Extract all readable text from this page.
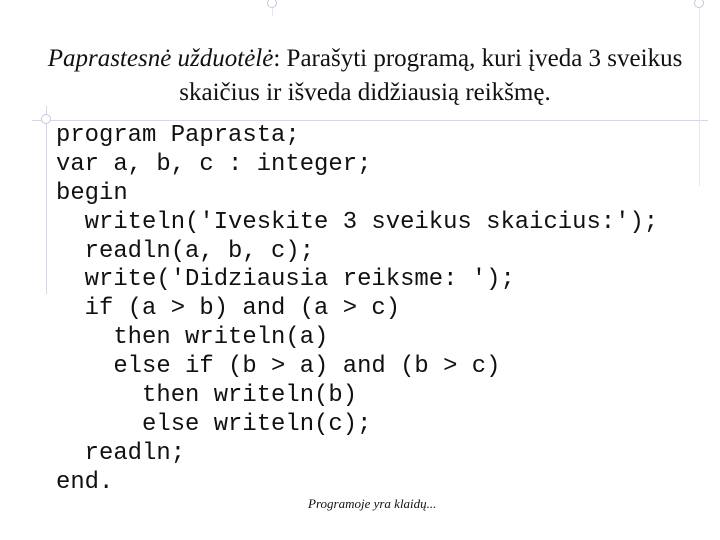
Paprastesnė užduotėlė: Parašyti programą, kuri įveda 3 sveikus skaičius ir išveda didžiausią reikšmę.
program Paprasta;
var a, b, c : integer;
begin
writeln('Iveskite 3 sveikus skaicius:');
readln(a, b, c);
write('Didziausia reiksme: ');
if (a > b) and (a > c)
then writeln(a)
else if (b > a) and (b > c)
then writeln(b)
else writeln(c);
readln;
end.
Programoje yra klaidų...
